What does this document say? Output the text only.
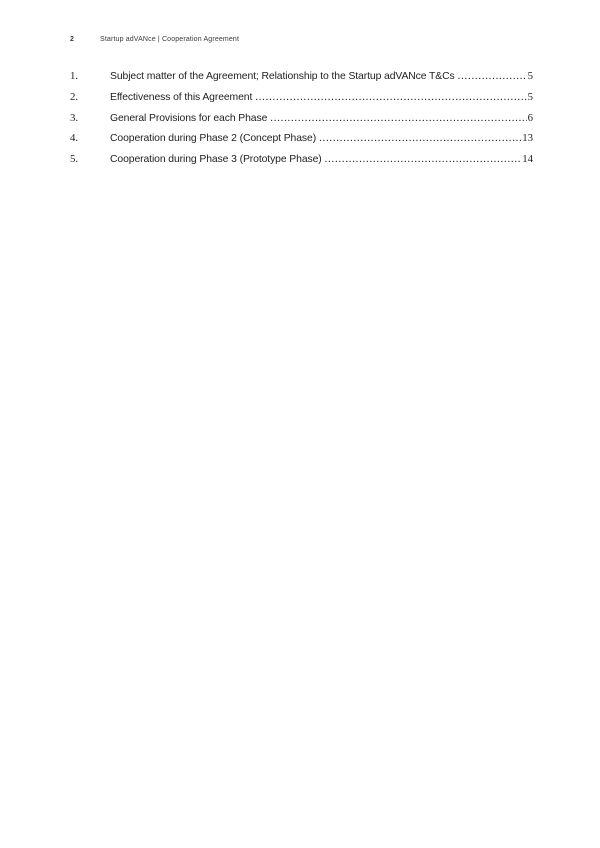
2	Startup adVANce | Cooperation Agreement
1.	Subject matter of the Agreement; Relationship to the Startup adVANce T&Cs .....	5
2.	Effectiveness of this Agreement .....	5
3.	General Provisions for each Phase .....	6
4.	Cooperation during Phase 2 (Concept Phase) .....	13
5.	Cooperation during Phase 3 (Prototype Phase) .....	14
